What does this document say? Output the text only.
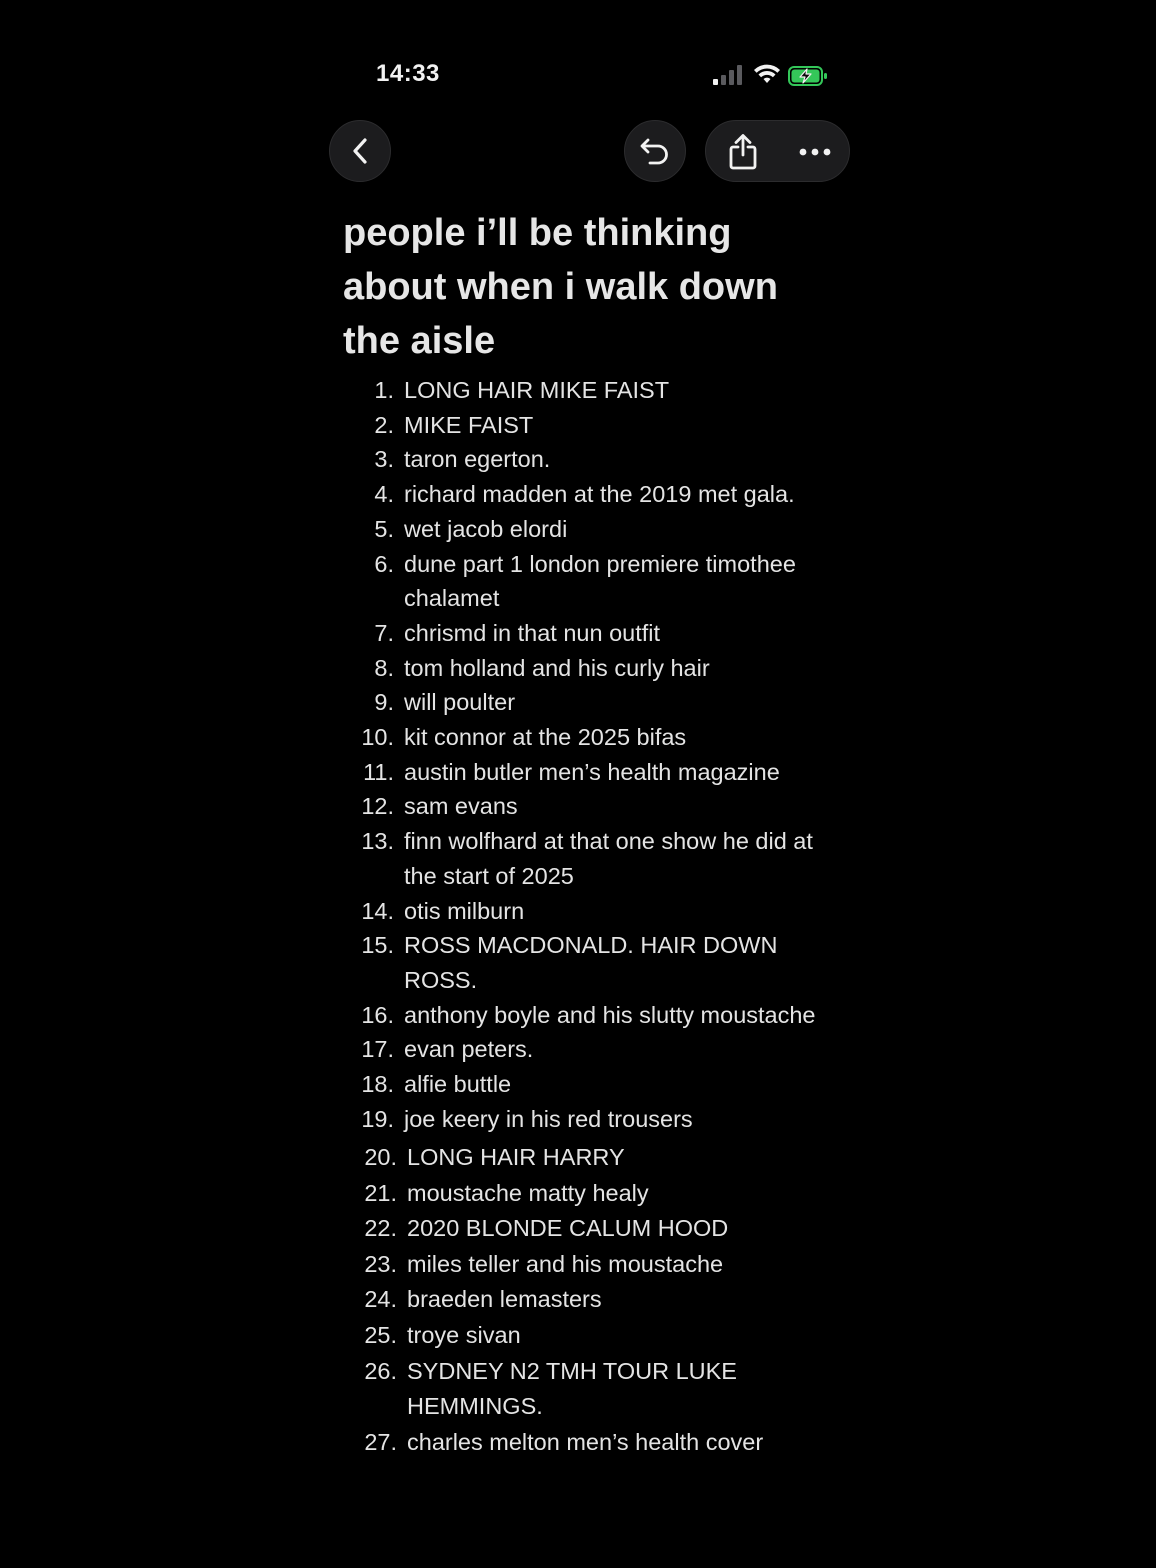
14:33
people i’ll be thinking about when i walk down the aisle
1. LONG HAIR MIKE FAIST
2. MIKE FAIST
3. taron egerton.
4. richard madden at the 2019 met gala.
5. wet jacob elordi
6. dune part 1 london premiere timothee chalamet
7. chrismd in that nun outfit
8. tom holland and his curly hair
9. will poulter
10. kit connor at the 2025 bifas
11. austin butler men’s health magazine
12. sam evans
13. finn wolfhard at that one show he did at the start of 2025
14. otis milburn
15. ROSS MACDONALD. HAIR DOWN ROSS.
16. anthony boyle and his slutty moustache
17. evan peters.
18. alfie buttle
19. joe keery in his red trousers
20. LONG HAIR HARRY
21. moustache matty healy
22. 2020 BLONDE CALUM HOOD
23. miles teller and his moustache
24. braeden lemasters
25. troye sivan
26. SYDNEY N2 TMH TOUR LUKE HEMMINGS.
27. charles melton men’s health cover
